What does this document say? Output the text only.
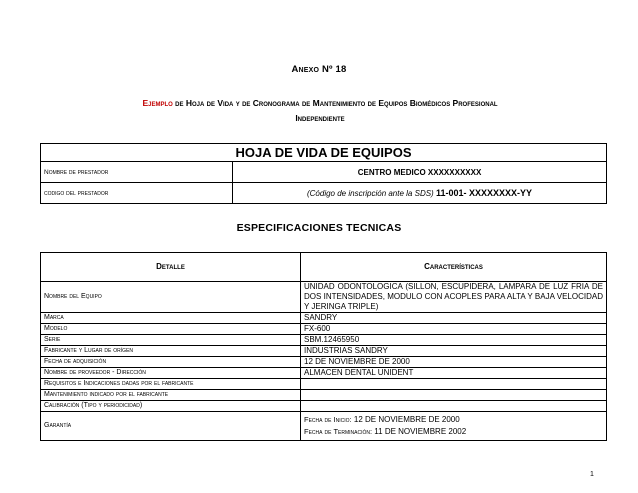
Anexo Nº 18
Ejemplo de Hoja de Vida y de Cronograma de Mantenimiento de Equipos Biomédicos Profesional
Independiente
HOJA DE VIDA DE EQUIPOS	
Nombre de prestador	CENTRO MEDICO XXXXXXXXXX
codigo del prestador	(Código de inscripción ante la SDS) 11-001- XXXXXXXX-YY
ESPECIFICACIONES TECNICAS
Detalle	Características
Nombre del Equipo	UNIDAD ODONTOLOGICA (SILLON, ESCUPIDERA, LAMPARA DE LUZ FRIA DE DOS INTENSIDADES, MODULO CON ACOPLES PARA ALTA Y BAJA VELOCIDAD Y JERINGA TRIPLE)
Marca	SANDRY
Modelo	FX-600
Serie	SBM.12465950
Fabricante y Lugar de orígen	INDUSTRIAS SANDRY
Fecha de adquisición	12 DE NOVIEMBRE DE 2000
Nombre de proveedor - Dirección	ALMACEN DENTAL UNIDENT
Requisitos e Indicaciones dadas por el fabricante	
Mantenimiento indicado por el fabricante	
Calibración (Tipo y periodicidad)	
Garantía	Fecha de Inicio: 12 DE NOVIEMBRE DE 2000
Fecha de Terminación: 11 DE NOVIEMBRE 2002
1
